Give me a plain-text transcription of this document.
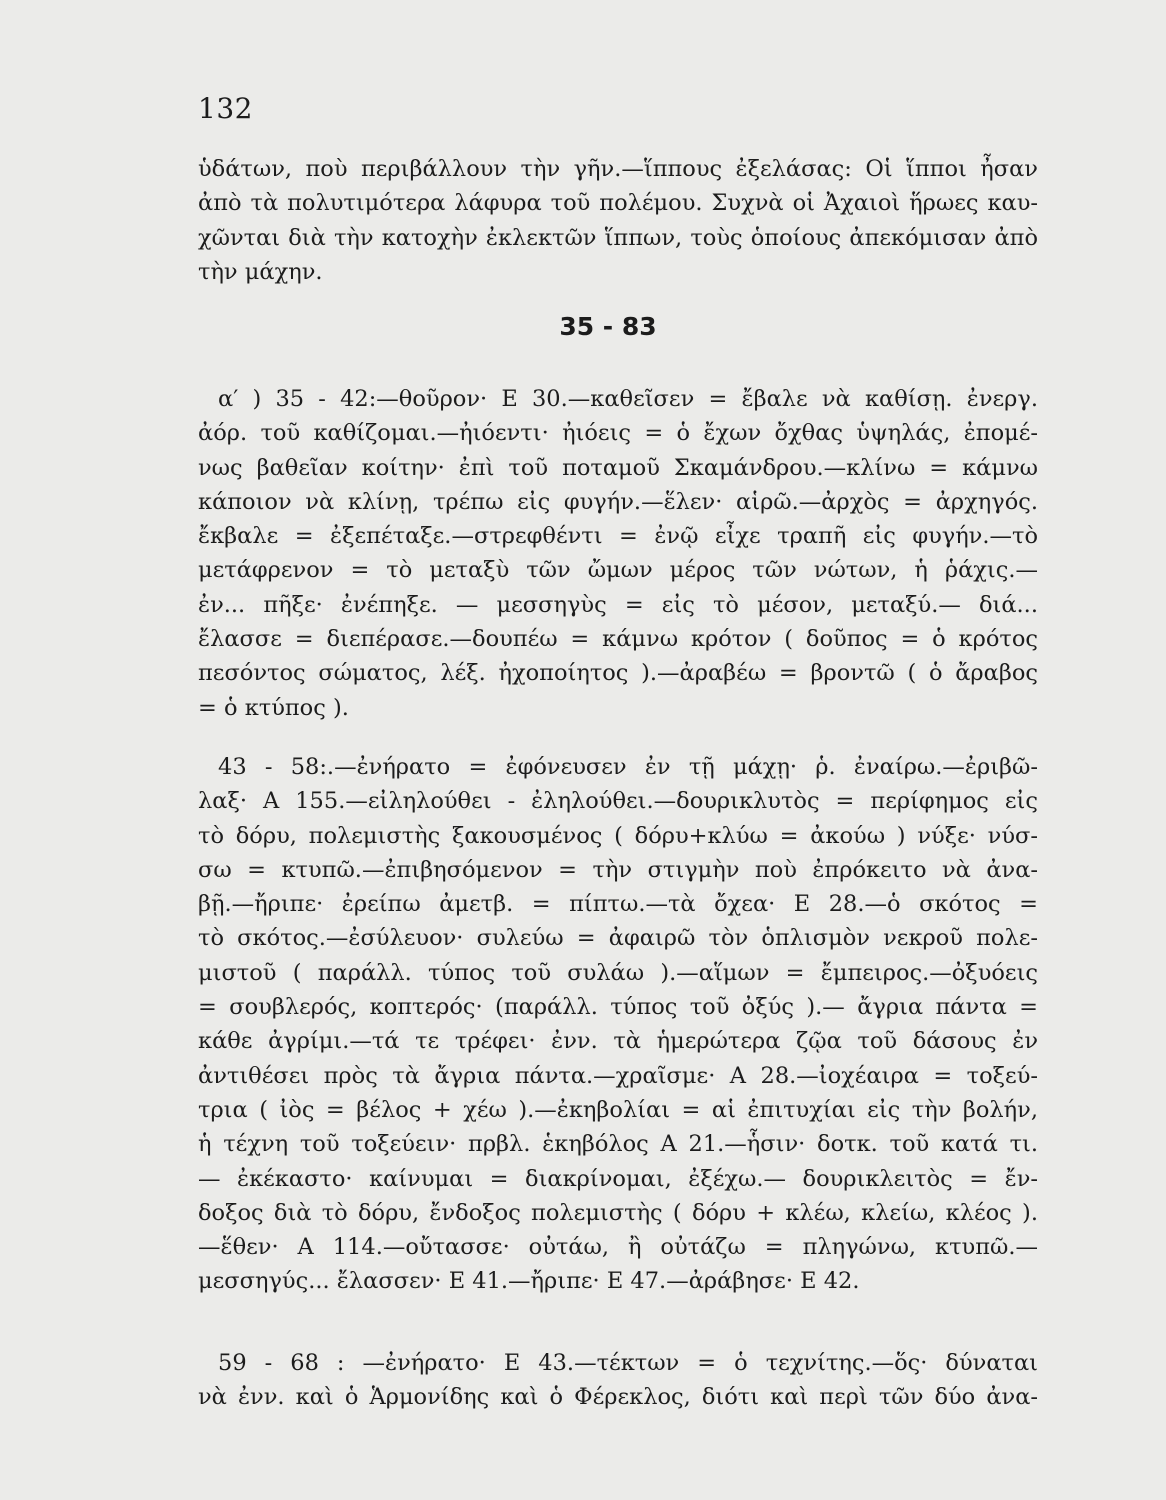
132
ὑδάτων, ποὺ περιβάλλουν τὴν γῆν.—ἵππους ἐξελάσας: Οἱ ἵπποι ἦσαν
ἀπὸ τὰ πολυτιμότερα λάφυρα τοῦ πολέμου. Συχνὰ οἱ Ἀχαιοὶ ἥρωες καυ-
χῶνται διὰ τὴν κατοχὴν ἐκλεκτῶν ἵππων, τοὺς ὁποίους ἀπεκόμισαν ἀπὸ
τὴν μάχην.
35 - 83
α′ ) 35 - 42:—θοῦρον· Ε 30.—καθεῖσεν = ἔβαλε νὰ καθίσῃ. ἐνεργ.
ἀόρ. τοῦ καθίζομαι.—ἠιόεντι· ἠιόεις = ὁ ἔχων ὄχθας ὑψηλάς, ἐπομέ-
νως βαθεῖαν κοίτην· ἐπὶ τοῦ ποταμοῦ Σκαμάνδρου.—κλίνω = κάμνω
κάποιον νὰ κλίνῃ, τρέπω εἰς φυγήν.—ἕλεν· αἱρῶ.—ἀρχὸς = ἀρχηγός.
ἔκβαλε = ἐξεπέταξε.—στρεφθέντι = ἐνῷ εἶχε τραπῆ εἰς φυγήν.—τὸ
μετάφρενον = τὸ μεταξὺ τῶν ὤμων μέρος τῶν νώτων, ἡ ῥάχις.—
ἐν... πῆξε· ἐνέπηξε. — μεσσηγὺς = εἰς τὸ μέσον, μεταξύ.— διά...
ἔλασσε = διεπέρασε.—δουπέω = κάμνω κρότον ( δοῦπος = ὁ κρότος
πεσόντος σώματος, λέξ. ἠχοποίητος ).—ἀραβέω = βροντῶ ( ὁ ἄραβος
= ὁ κτύπος ).
43 - 58:.—ἐνήρατο = ἐφόνευσεν ἐν τῇ μάχῃ· ῥ. ἐναίρω.—ἐριβῶ-
λαξ· Α 155.—εἰληλούθει - ἐληλούθει.—δουρικλυτὸς = περίφημος εἰς
τὸ δόρυ, πολεμιστὴς ξακουσμένος ( δόρυ+κλύω = ἀκούω ) νύξε· νύσ-
σω = κτυπῶ.—ἐπιβησόμενον = τὴν στιγμὴν ποὺ ἐπρόκειτο νὰ ἀνα-
βῇ.—ἤριπε· ἐρείπω ἀμετβ. = πίπτω.—τὰ ὄχεα· Ε 28.—ὁ σκότος =
τὸ σκότος.—ἐσύλευον· συλεύω = ἀφαιρῶ τὸν ὁπλισμὸν νεκροῦ πολε-
μιστοῦ ( παράλλ. τύπος τοῦ συλάω ).—αἵμων = ἔμπειρος.—ὀξυόεις
= σουβλερός, κοπτερός· (παράλλ. τύπος τοῦ ὀξύς ).— ἄγρια πάντα =
κάθε ἀγρίμι.—τά τε τρέφει· ἐνν. τὰ ἡμερώτερα ζῷα τοῦ δάσους ἐν
ἀντιθέσει πρὸς τὰ ἄγρια πάντα.—χραῖσμε· Α 28.—ἰοχέαιρα = τοξεύ-
τρια ( ἰὸς = βέλος + χέω ).—ἐκηβολίαι = αἱ ἐπιτυχίαι εἰς τὴν βολήν,
ἡ τέχνη τοῦ τοξεύειν· πρβλ. ἑκηβόλος Α 21.—ἧσιν· δοτκ. τοῦ κατά τι.
— ἐκέκαστο· καίνυμαι = διακρίνομαι, ἐξέχω.— δουρικλειτὸς = ἔν-
δοξος διὰ τὸ δόρυ, ἔνδοξος πολεμιστὴς ( δόρυ + κλέω, κλείω, κλέος ).
—ἕθεν· Α 114.—οὔτασσε· οὐτάω, ἢ οὐτάζω = πληγώνω, κτυπῶ.—
μεσσηγύς... ἔλασσεν· Ε 41.—ἤριπε· Ε 47.—ἀράβησε· Ε 42.
59 - 68 : —ἐνήρατο· Ε 43.—τέκτων = ὁ τεχνίτης.—ὅς· δύναται
νὰ ἐνν. καὶ ὁ Ἁρμονίδης καὶ ὁ Φέρεκλος, διότι καὶ περὶ τῶν δύο ἀνα-
